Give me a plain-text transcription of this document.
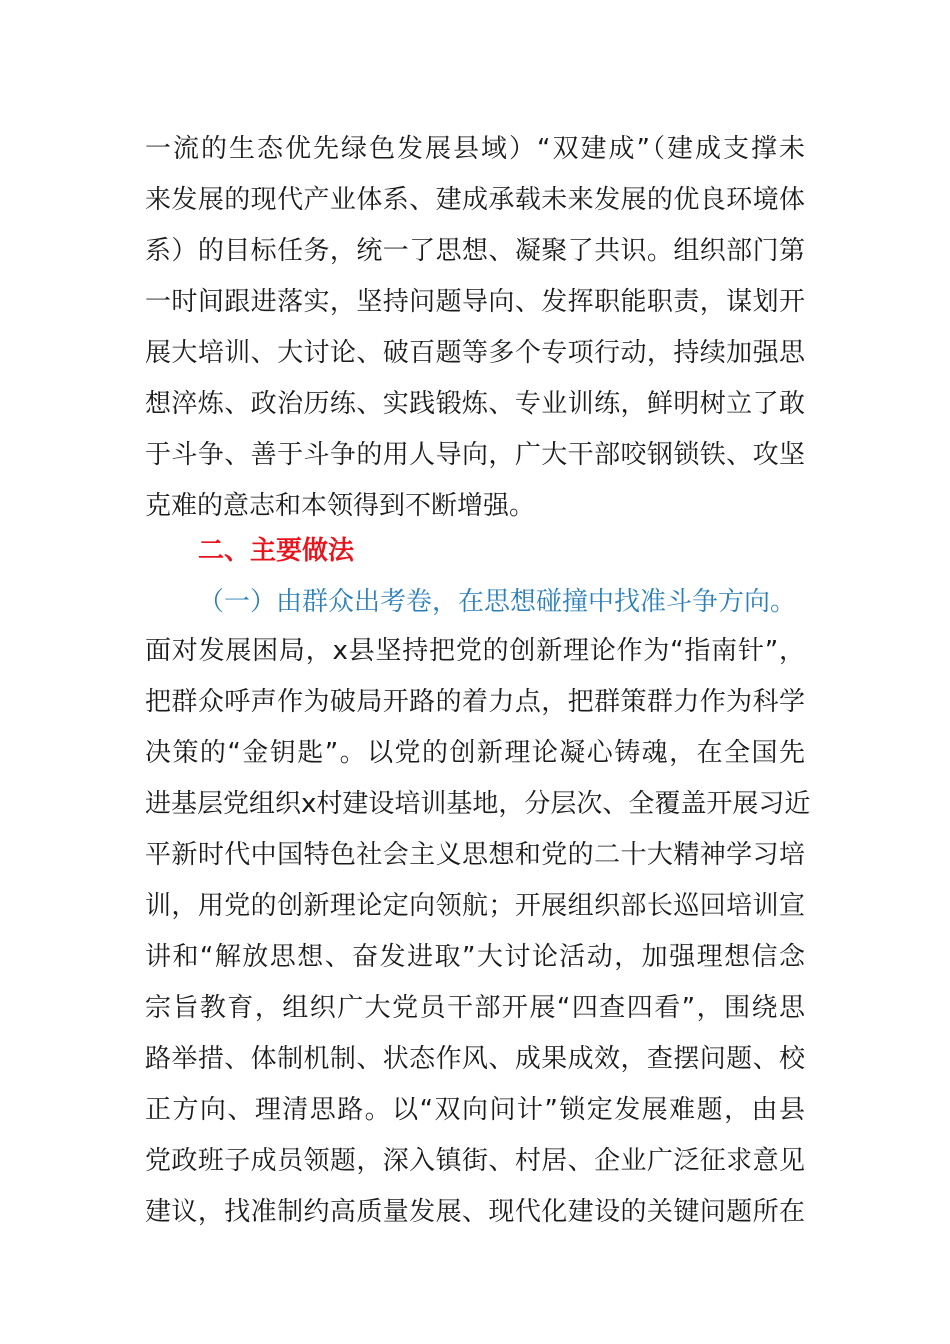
一流的生态优先绿色发展县域）“双建成”（建成支撑未
来发展的现代产业体系、建成承载未来发展的优良环境体
系）的目标任务，统一了思想、凝聚了共识。组织部门第
一时间跟进落实，坚持问题导向、发挥职能职责，谋划开
展大培训、大讨论、破百题等多个专项行动，持续加强思
想淬炼、政治历练、实践锻炼、专业训练，鲜明树立了敢
于斗争、善于斗争的用人导向，广大干部咬钢锁铁、攻坚
克难的意志和本领得到不断增强。
二、主要做法
（一）由群众出考卷，在思想碰撞中找准斗争方向。
面对发展困局，x县坚持把党的创新理论作为“指南针”，
把群众呼声作为破局开路的着力点，把群策群力作为科学
决策的“金钥匙”。以党的创新理论凝心铸魂，在全国先
进基层党组织x村建设培训基地，分层次、全覆盖开展习近
平新时代中国特色社会主义思想和党的二十大精神学习培
训，用党的创新理论定向领航；开展组织部长巡回培训宣
讲和“解放思想、奋发进取”大讨论活动，加强理想信念
宗旨教育，组织广大党员干部开展“四查四看”，围绕思
路举措、体制机制、状态作风、成果成效，查摆问题、校
正方向、理清思路。以“双向问计”锁定发展难题，由县
党政班子成员领题，深入镇街、村居、企业广泛征求意见
建议，找准制约高质量发展、现代化建设的关键问题所在
